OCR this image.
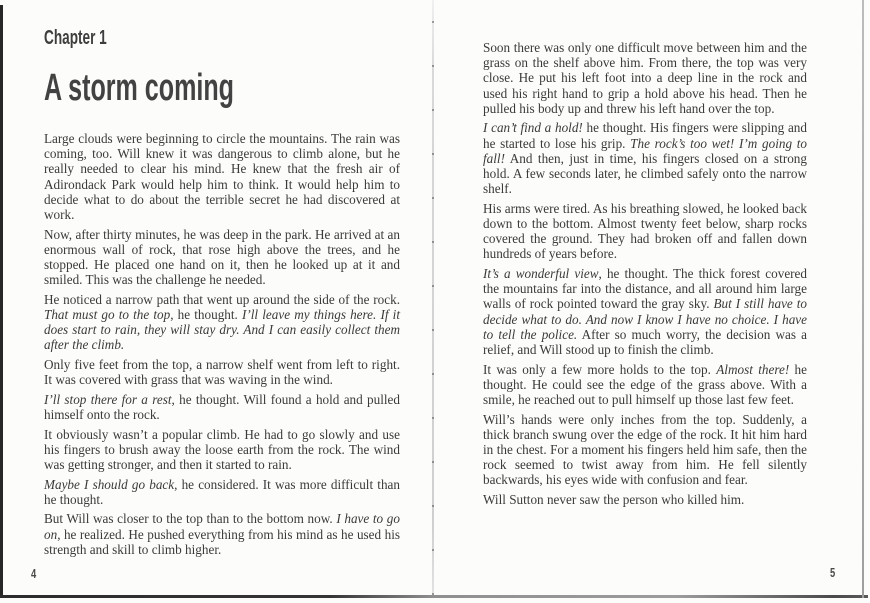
Chapter 1
A storm coming

Large clouds were beginning to circle the mountains. The rain was coming, too. Will knew it was dangerous to climb alone, but he really needed to clear his mind. He knew that the fresh air of Adirondack Park would help him to think. It would help him to decide what to do about the terrible secret he had discovered at work.

Now, after thirty minutes, he was deep in the park. He arrived at an enormous wall of rock, that rose high above the trees, and he stopped. He placed one hand on it, then he looked up at it and smiled. This was the challenge he needed.

He noticed a narrow path that went up around the side of the rock. That must go to the top, he thought. I’ll leave my things here. If it does start to rain, they will stay dry. And I can easily collect them after the climb.

Only five feet from the top, a narrow shelf went from left to right. It was covered with grass that was waving in the wind.

I’ll stop there for a rest, he thought. Will found a hold and pulled himself onto the rock.

It obviously wasn’t a popular climb. He had to go slowly and use his fingers to brush away the loose earth from the rock. The wind was getting stronger, and then it started to rain.

Maybe I should go back, he considered. It was more difficult than he thought.

But Will was closer to the top than to the bottom now. I have to go on, he realized. He pushed everything from his mind as he used his strength and skill to climb higher.

4

Soon there was only one difficult move between him and the grass on the shelf above him. From there, the top was very close. He put his left foot into a deep line in the rock and used his right hand to grip a hold above his head. Then he pulled his body up and threw his left hand over the top.

I can’t find a hold! he thought. His fingers were slipping and he started to lose his grip. The rock’s too wet! I’m going to fall! And then, just in time, his fingers closed on a strong hold. A few seconds later, he climbed safely onto the narrow shelf.

His arms were tired. As his breathing slowed, he looked back down to the bottom. Almost twenty feet below, sharp rocks covered the ground. They had broken off and fallen down hundreds of years before.

It’s a wonderful view, he thought. The thick forest covered the mountains far into the distance, and all around him large walls of rock pointed toward the gray sky. But I still have to decide what to do. And now I know I have no choice. I have to tell the police. After so much worry, the decision was a relief, and Will stood up to finish the climb.

It was only a few more holds to the top. Almost there! he thought. He could see the edge of the grass above. With a smile, he reached out to pull himself up those last few feet.

Will’s hands were only inches from the top. Suddenly, a thick branch swung over the edge of the rock. It hit him hard in the chest. For a moment his fingers held him safe, then the rock seemed to twist away from him. He fell silently backwards, his eyes wide with confusion and fear.

Will Sutton never saw the person who killed him.

5
